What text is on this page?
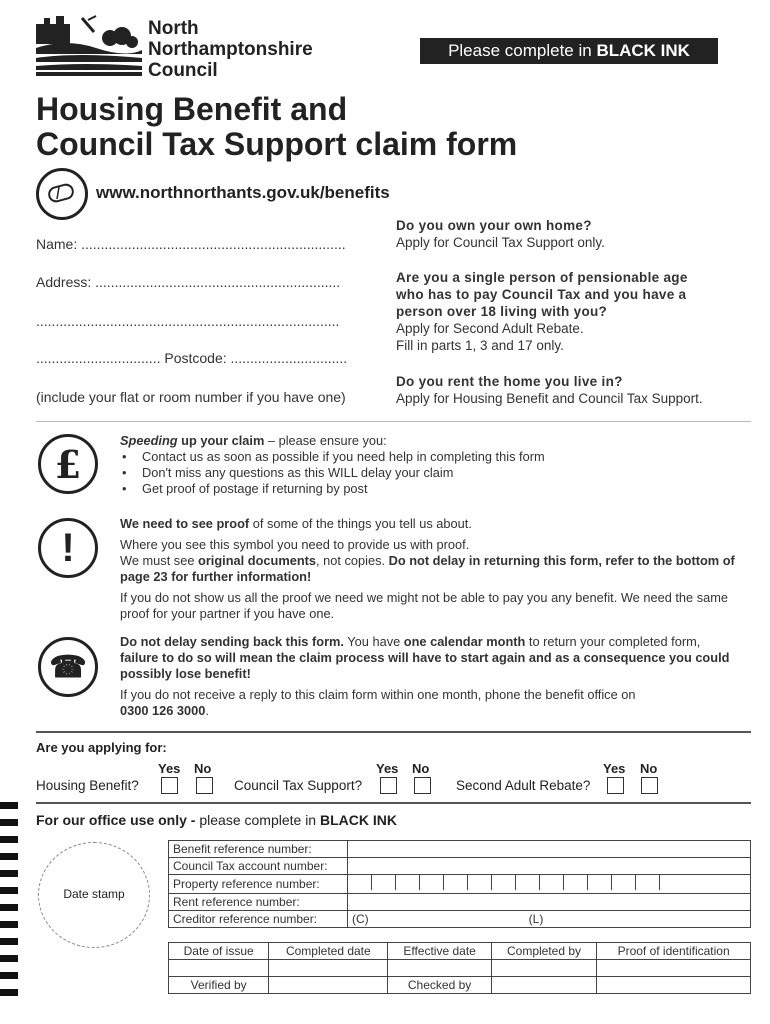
North
Northamptonshire
Council
Please complete in BLACK INK
Housing Benefit and
Council Tax Support claim form
www.northnorthants.gov.uk/benefits
Name: ....................................................................
Address: ...............................................................
..............................................................................
................................ Postcode: ..............................
(include your flat or room number if you have one)
Do you own your own home?
Apply for Council Tax Support only.
Are you a single person of pensionable age who has to pay Council Tax and you have a person over 18 living with you?
Apply for Second Adult Rebate.
Fill in parts 1, 3 and 17 only.
Do you rent the home you live in?
Apply for Housing Benefit and Council Tax Support.
£
Speeding up your claim – please ensure you:
• Contact us as soon as possible if you need help in completing this form
• Don't miss any questions as this WILL delay your claim
• Get proof of postage if returning by post
!
We need to see proof of some of the things you tell us about.
Where you see this symbol you need to provide us with proof.
We must see original documents, not copies. Do not delay in returning this form, refer to the bottom of page 23 for further information!
If you do not show us all the proof we need we might not be able to pay you any benefit. We need the same proof for your partner if you have one.
☎
Do not delay sending back this form. You have one calendar month to return your completed form, failure to do so will mean the claim process will have to start again and as a consequence you could possibly lose benefit!
If you do not receive a reply to this claim form within one month, phone the benefit office on
0300 126 3000.
Are you applying for:
Yes No	Yes No	Yes No
Housing Benefit?	Council Tax Support?	Second Adult Rebate?
For our office use only - please complete in BLACK INK
Date stamp
Benefit reference number:	
Council Tax account number:	
Property reference number:	
Rent reference number:	
Creditor reference number:	(C) (L)
Date of issue	Completed date	Effective date	Completed by	Proof of identification

Verified by		Checked by		
